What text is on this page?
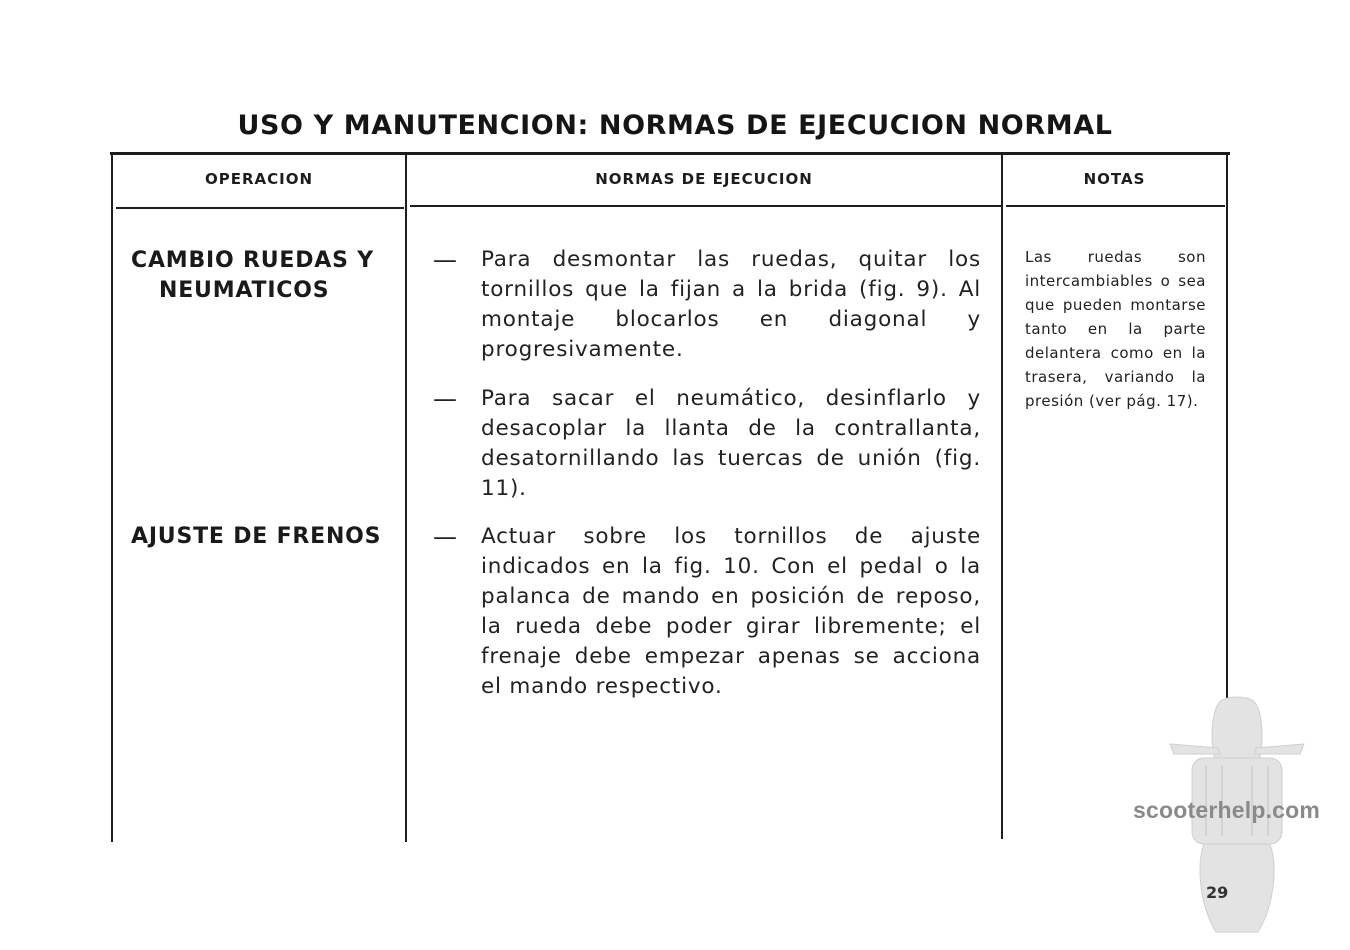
USO Y MANUTENCION: NORMAS DE EJECUCION NORMAL
OPERACION	NORMAS DE EJECUCION	NOTAS
CAMBIO RUEDAS Y
NEUMATICOS
AJUSTE DE FRENOS
— Para desmontar las ruedas, quitar los tornillos que la fijan a la brida (fig. 9). Al montaje blocarlos en diagonal y progresivamente.
— Para sacar el neumático, desinflarlo y desacoplar la llanta de la contrallanta, desatornillando las tuercas de unión (fig. 11).
— Actuar sobre los tornillos de ajuste indicados en la fig. 10. Con el pedal o la palanca de mando en posición de reposo, la rueda debe poder girar libremente; el frenaje debe empezar apenas se acciona el mando respectivo.
Las ruedas son intercambiables o sea que pueden montarse tanto en la parte delantera como en la trasera, variando la presión (ver pág. 17).
scooterhelp.com
29
